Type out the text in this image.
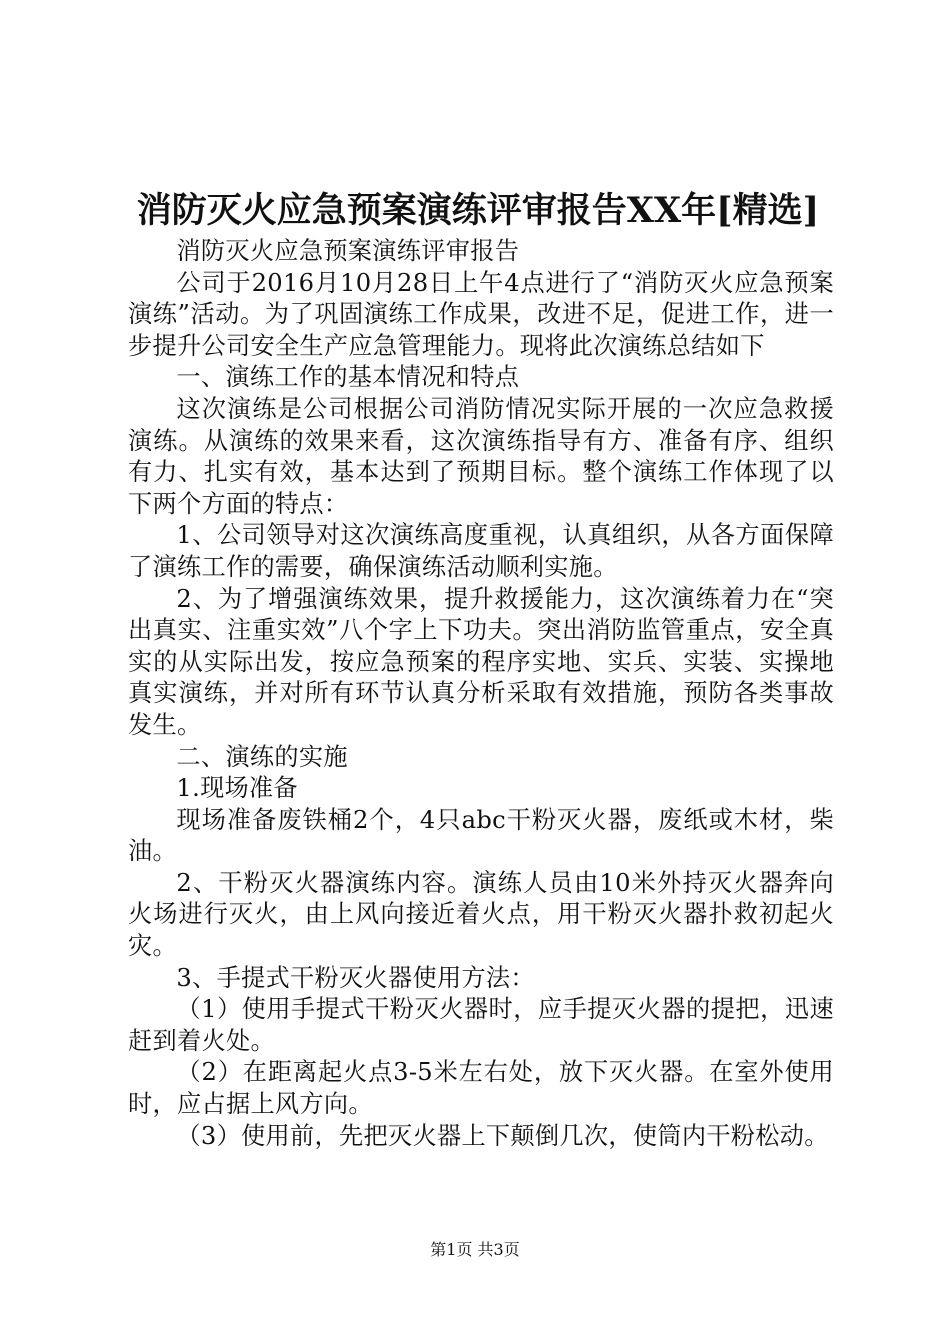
消防灭火应急预案演练评审报告XX年[精选]

消防灭火应急预案演练评审报告

公司于2016月10月28日上午4点进行了“消防灭火应急预案演练”活动。为了巩固演练工作成果，改进不足，促进工作，进一步提升公司安全生产应急管理能力。现将此次演练总结如下

一、演练工作的基本情况和特点

这次演练是公司根据公司消防情况实际开展的一次应急救援演练。从演练的效果来看，这次演练指导有方、准备有序、组织有力、扎实有效，基本达到了预期目标。整个演练工作体现了以下两个方面的特点：

1、公司领导对这次演练高度重视，认真组织，从各方面保障了演练工作的需要，确保演练活动顺利实施。

2、为了增强演练效果，提升救援能力，这次演练着力在“突出真实、注重实效”八个字上下功夫。突出消防监管重点，安全真实的从实际出发，按应急预案的程序实地、实兵、实装、实操地真实演练，并对所有环节认真分析采取有效措施，预防各类事故发生。

二、演练的实施

1.现场准备

现场准备废铁桶2个，4只abc干粉灭火器，废纸或木材，柴油。

2、干粉灭火器演练内容。演练人员由10米外持灭火器奔向火场进行灭火，由上风向接近着火点，用干粉灭火器扑救初起火灾。

3、手提式干粉灭火器使用方法：

（1）使用手提式干粉灭火器时，应手提灭火器的提把，迅速赶到着火处。

（2）在距离起火点3-5米左右处，放下灭火器。在室外使用时，应占据上风方向。

（3）使用前，先把灭火器上下颠倒几次，使筒内干粉松动。

第1页 共3页
